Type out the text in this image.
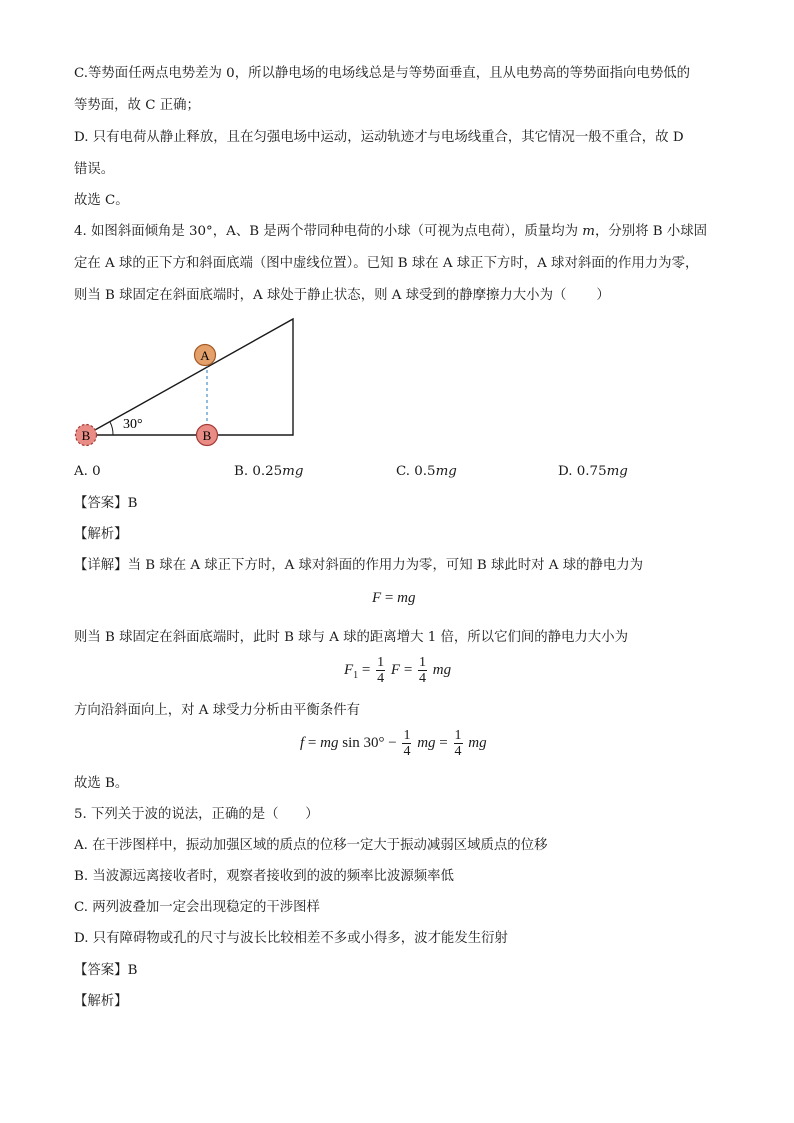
C.等势面任两点电势差为 0，所以静电场的电场线总是与等势面垂直，且从电势高的等势面指向电势低的
等势面，故 C 正确；
D. 只有电荷从静止释放，且在匀强电场中运动，运动轨迹才与电场线重合，其它情况一般不重合，故 D
错误。
故选 C。
4. 如图斜面倾角是 30°，A、B 是两个带同种电荷的小球（可视为点电荷），质量均为 m，分别将 B 小球固
定在 A 球的正下方和斜面底端（图中虚线位置）。已知 B 球在 A 球正下方时，A 球对斜面的作用力为零，
则当 B 球固定在斜面底端时，A 球处于静止状态，则 A 球受到的静摩擦力大小为（ ）
30°
A
B
B
A. 0	B. 0.25mg	C. 0.5mg	D. 0.75mg
【答案】B
【解析】
【详解】当 B 球在 A 球正下方时，A 球对斜面的作用力为零，可知 B 球此时对 A 球的静电力为
F = mg
则当 B 球固定在斜面底端时，此时 B 球与 A 球的距离增大 1 倍，所以它们间的静电力大小为
$F_1 = \frac{1}{4}$ $F = \frac{1}{4}$ mg
方向沿斜面向上，对 A 球受力分析由平衡条件有
f = mg $\sin 30^\circ - \frac{1}{4}$ mg = $\frac{1}{4}$ mg
故选 B。
5. 下列关于波的说法，正确的是（　　）
A. 在干涉图样中，振动加强区域的质点的位移一定大于振动减弱区域质点的位移
B. 当波源远离接收者时，观察者接收到的波的频率比波源频率低
C. 两列波叠加一定会出现稳定的干涉图样
D. 只有障碍物或孔的尺寸与波长比较相差不多或小得多，波才能发生衍射
【答案】B
【解析】
